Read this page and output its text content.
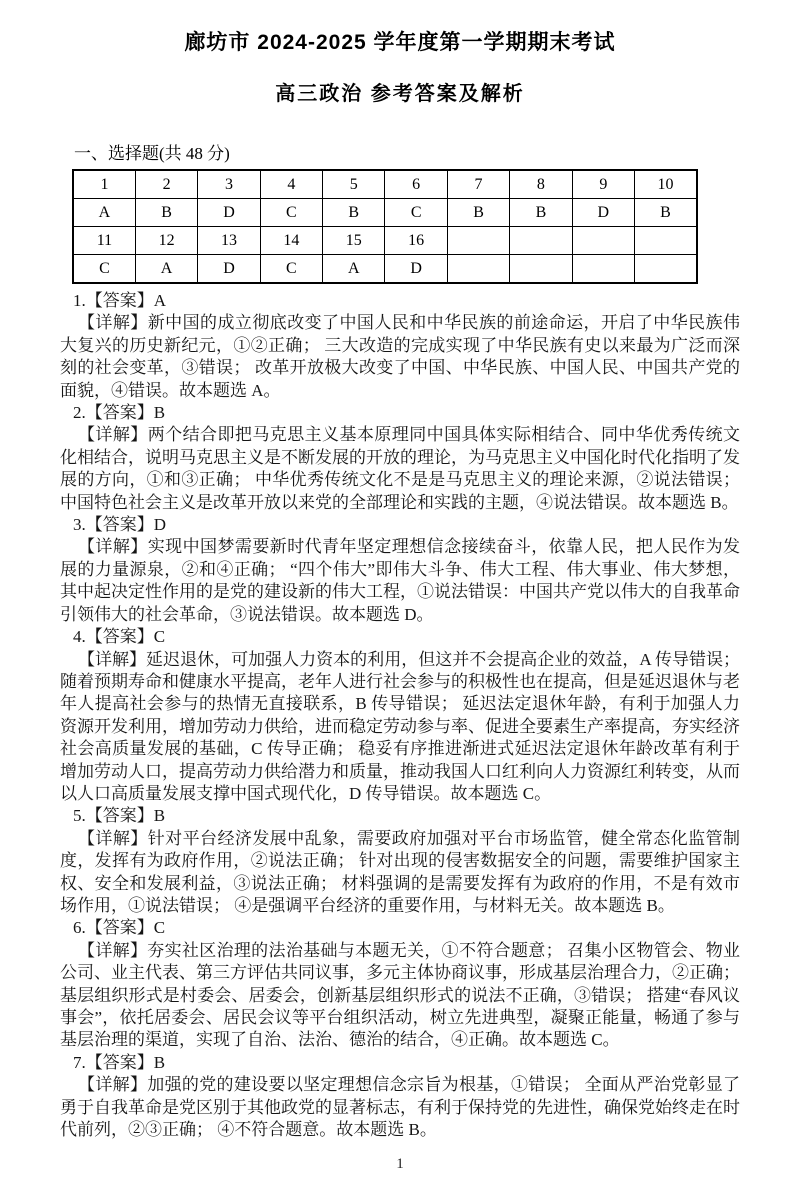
廊坊市 2024-2025 学年度第一学期期末考试
高三政治 参考答案及解析
一、选择题(共 48 分)
1	2	3	4	5	6	7	8	9	10
A	B	D	C	B	C	B	B	D	B
11	12	13	14	15	16				
C	A	D	C	A	D				
1.【答案】A

【详解】新中国的成立彻底改变了中国人民和中华民族的前途命运，开启了中华民族伟大复兴的历史新纪元，①②正确； 三大改造的完成实现了中华民族有史以来最为广泛而深刻的社会变革，③错误； 改革开放极大改变了中国、中华民族、中国人民、中国共产党的面貌，④错误。故本题选 A。

2.【答案】B

【详解】两个结合即把马克思主义基本原理同中国具体实际相结合、同中华优秀传统文化相结合，说明马克思主义是不断发展的开放的理论，为马克思主义中国化时代化指明了发展的方向，①和③正确； 中华优秀传统文化不是是马克思主义的理论来源，②说法错误； 中国特色社会主义是改革开放以来党的全部理论和实践的主题，④说法错误。故本题选 B。

3.【答案】D

【详解】实现中国梦需要新时代青年坚定理想信念接续奋斗，依靠人民，把人民作为发展的力量源泉，②和④正确； “四个伟大”即伟大斗争、伟大工程、伟大事业、伟大梦想，其中起决定性作用的是党的建设新的伟大工程，①说法错误：中国共产党以伟大的自我革命引领伟大的社会革命，③说法错误。故本题选 D。

4.【答案】C

【详解】延迟退休，可加强人力资本的利用，但这并不会提高企业的效益，A 传导错误； 随着预期寿命和健康水平提高，老年人进行社会参与的积极性也在提高，但是延迟退休与老年人提高社会参与的热情无直接联系，B 传导错误； 延迟法定退休年龄，有利于加强人力资源开发利用，增加劳动力供给，进而稳定劳动参与率、促进全要素生产率提高，夯实经济社会高质量发展的基础，C 传导正确； 稳妥有序推进渐进式延迟法定退休年龄改革有利于增加劳动人口，提高劳动力供给潜力和质量，推动我国人口红利向人力资源红利转变，从而以人口高质量发展支撑中国式现代化，D 传导错误。故本题选 C。

5.【答案】B

【详解】针对平台经济发展中乱象，需要政府加强对平台市场监管，健全常态化监管制度，发挥有为政府作用，②说法正确； 针对出现的侵害数据安全的问题，需要维护国家主权、安全和发展利益，③说法正确； 材料强调的是需要发挥有为政府的作用，不是有效市场作用，①说法错误； ④是强调平台经济的重要作用，与材料无关。故本题选 B。

6.【答案】C

【详解】夯实社区治理的法治基础与本题无关，①不符合题意； 召集小区物管会、物业公司、业主代表、第三方评估共同议事，多元主体协商议事，形成基层治理合力，②正确； 基层组织形式是村委会、居委会，创新基层组织形式的说法不正确，③错误； 搭建“春风议事会”，依托居委会、居民会议等平台组织活动，树立先进典型，凝聚正能量，畅通了参与基层治理的渠道，实现了自治、法治、德治的结合，④正确。故本题选 C。

7.【答案】B

【详解】加强的党的建设要以坚定理想信念宗旨为根基，①错误； 全面从严治党彰显了勇于自我革命是党区别于其他政党的显著标志，有利于保持党的先进性，确保党始终走在时代前列，②③正确； ④不符合题意。故本题选 B。

1
